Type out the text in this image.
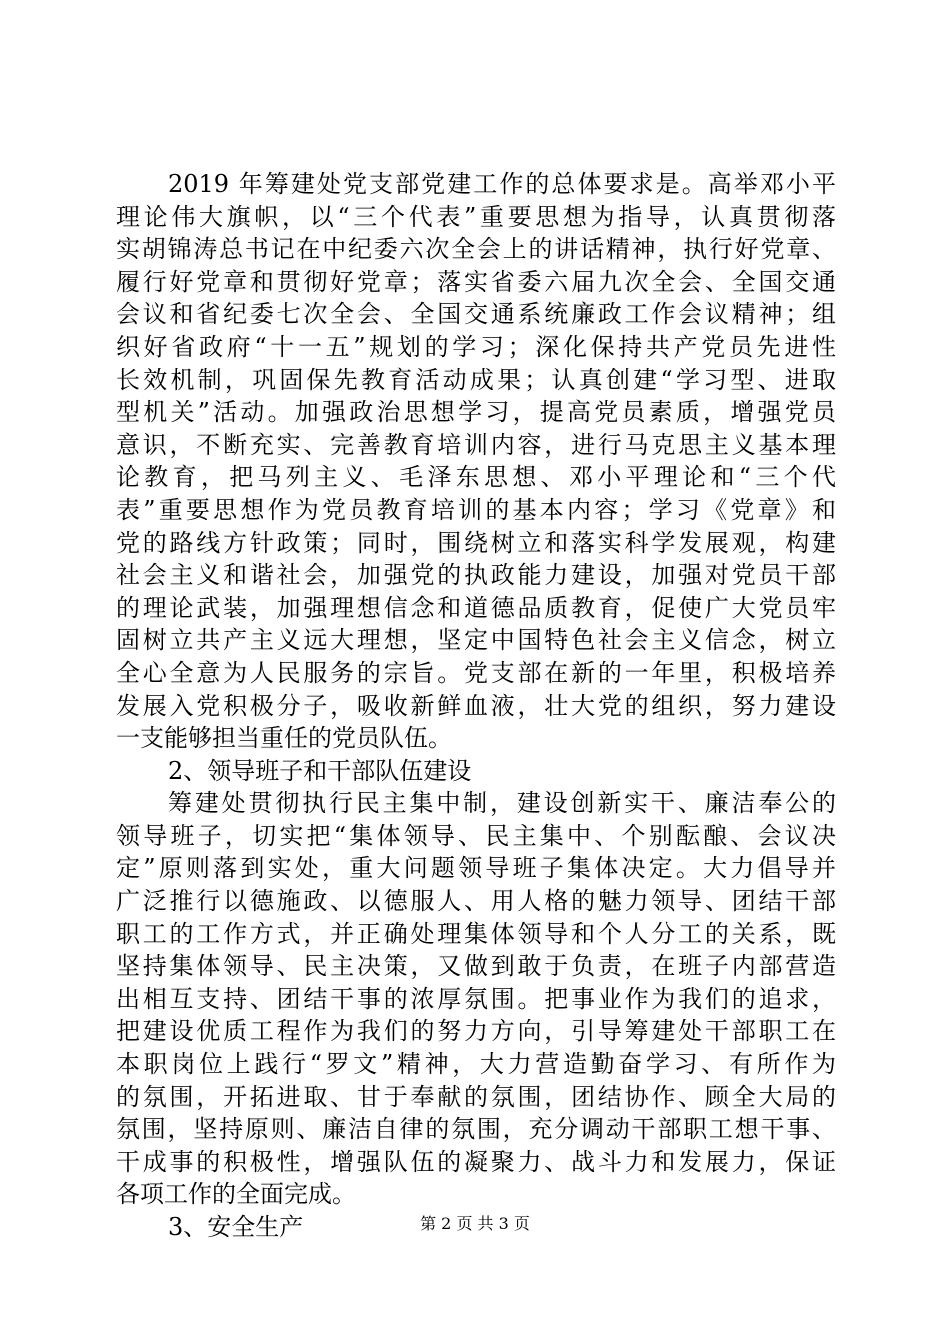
2019 年筹建处党支部党建工作的总体要求是。高举邓小平
理论伟大旗帜，以“三个代表”重要思想为指导，认真贯彻落
实胡锦涛总书记在中纪委六次全会上的讲话精神，执行好党章、
履行好党章和贯彻好党章；落实省委六届九次全会、全国交通
会议和省纪委七次全会、全国交通系统廉政工作会议精神；组
织好省政府“十一五”规划的学习；深化保持共产党员先进性
长效机制，巩固保先教育活动成果；认真创建“学习型、进取
型机关”活动。加强政治思想学习，提高党员素质，增强党员
意识，不断充实、完善教育培训内容，进行马克思主义基本理
论教育，把马列主义、毛泽东思想、邓小平理论和“三个代
表”重要思想作为党员教育培训的基本内容；学习《党章》和
党的路线方针政策；同时，围绕树立和落实科学发展观，构建
社会主义和谐社会，加强党的执政能力建设，加强对党员干部
的理论武装，加强理想信念和道德品质教育，促使广大党员牢
固树立共产主义远大理想，坚定中国特色社会主义信念，树立
全心全意为人民服务的宗旨。党支部在新的一年里，积极培养
发展入党积极分子，吸收新鲜血液，壮大党的组织，努力建设
一支能够担当重任的党员队伍。
2、领导班子和干部队伍建设
筹建处贯彻执行民主集中制，建设创新实干、廉洁奉公的
领导班子，切实把“集体领导、民主集中、个别酝酿、会议决
定”原则落到实处，重大问题领导班子集体决定。大力倡导并
广泛推行以德施政、以德服人、用人格的魅力领导、团结干部
职工的工作方式，并正确处理集体领导和个人分工的关系，既
坚持集体领导、民主决策，又做到敢于负责，在班子内部营造
出相互支持、团结干事的浓厚氛围。把事业作为我们的追求，
把建设优质工程作为我们的努力方向，引导筹建处干部职工在
本职岗位上践行“罗文”精神，大力营造勤奋学习、有所作为
的氛围，开拓进取、甘于奉献的氛围，团结协作、顾全大局的
氛围，坚持原则、廉洁自律的氛围，充分调动干部职工想干事、
干成事的积极性，增强队伍的凝聚力、战斗力和发展力，保证
各项工作的全面完成。
3、安全生产	第 2 页 共 3 页
